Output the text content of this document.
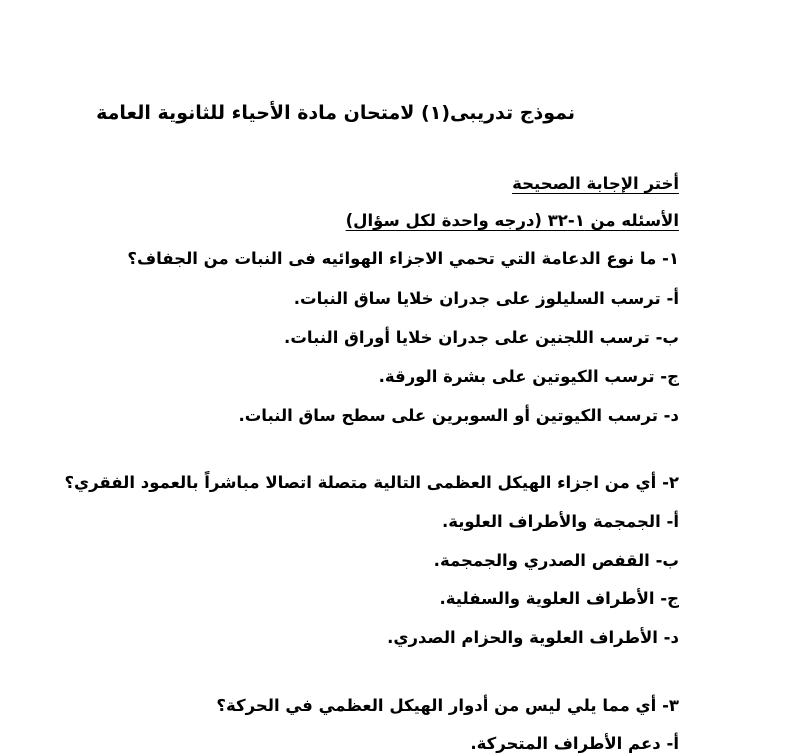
نموذج تدريبى(١) لامتحان مادة الأحياء للثانوية العامة
أختر الإجابة الصحيحة
الأسئله من ١-٣٢ (درجه واحدة لكل سؤال)
١- ما نوع الدعامة التي تحمي الاجزاء الهوائيه فى النبات من الجفاف؟
أ- ترسب السليلوز على جدران خلايا ساق النبات.
ب- ترسب اللجنين على جدران خلايا أوراق النبات.
ج- ترسب الكيوتين على بشرة الورقة.
د- ترسب الكيوتين أو السوبرين على سطح ساق النبات.
٢- أي من اجزاء الهيكل العظمى التالية متصلة اتصالا مباشراً بالعمود الفقري؟
أ- الجمجمة والأطراف العلوية.
ب- القفص الصدري والجمجمة.
ج- الأطراف العلوية والسفلية.
د- الأطراف العلوية والحزام الصدري.
٣- أي مما يلي ليس من أدوار الهيكل العظمي في الحركة؟
أ- دعم الأطراف المتحركة.
